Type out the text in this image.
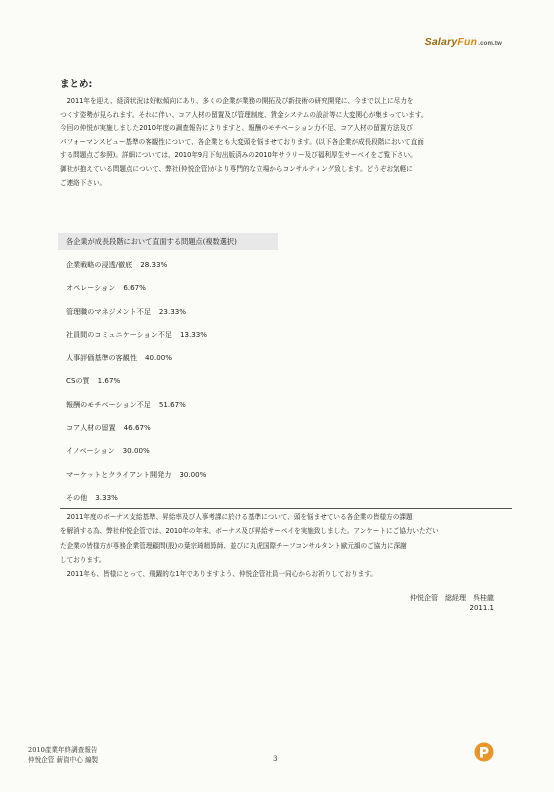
SalaryFun.com.tw
まとめ:

　2011年を迎え、経済状況は好転傾向にあり、多くの企業が業務の開拓及び新技術の研究開発に、今まで以上に尽力を

つくす姿勢が見られます。それに伴い、コア人材の留置及び管理制度、賃金システムの設計等に大変関心が集まっています。

今回の仲悦が実施しました2010年度の調査報告によりますと、報酬のモチベーション力不足、コア人材の留置方法及び

パフォーマンスビュー基準の客観性について、各企業とも大変頭を悩ませております。(以下各企業が成長段階において直面

する問題点ご参照)。詳細については、2010年9月下旬出版済みの2010年サラリー及び福利厚生サーベイをご覧下さい。

御社が抱えている問題点について、弊社(仲悦企管)がより専門的な立場からコンサルティング致します。どうぞお気軽に

ご連絡下さい。

各企業が成長段階において直面する問題点(複数選択)
企業戦略の浸透/徹底 28.33%
オペレーション 6.67%
管理職のマネジメント不足 23.33%
社員間のコミュニケーション不足 13.33%
人事評価基準の客観性 40.00%
CSの質 1.67%
報酬のモチベーション不足 51.67%
コア人材の留置 46.67%
イノベーション 30.00%
マーケットとクライアント開発力 30.00%
その他 3.33%

　2011年度のボーナス支給基準、昇給率及び人事考課に於ける基準について、頭を悩ませている各企業の皆様方の課題

を解消する為、弊社仲悦企管では、2010年の年末、ボーナス及び昇給サーベイを実施致しました。アンケートにご協力いただい

た企業の皆様方が専務企業管理顧問(股)の葉宗琦精算師、並びに丸虎国際チーフコンサルタント歐元韻のご協力に深謝

しております。

　2011年も、皆様にとって、飛躍的な1年でありますよう、仲悦企管社員一同心からお祈りしております。

仲悦企管　総経理　呉桂龍
2011.1
2010產業年終調查報告
仲悅企管 薪資中心 編製	3
